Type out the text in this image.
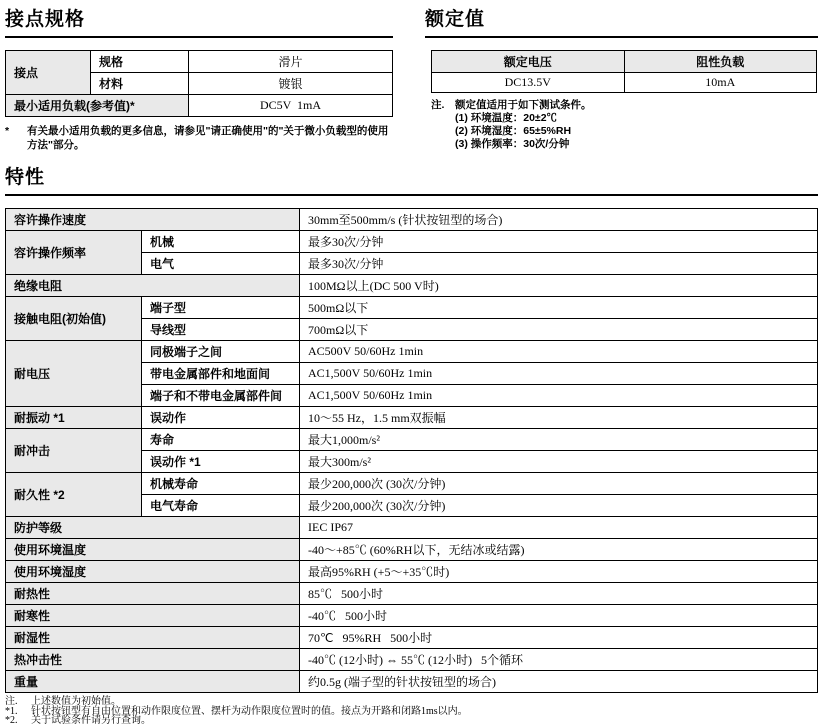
接点规格
接点	规格	滑片
	材料	镀银
最小适用负载(参考值)*		DC5V  1mA
*	有关最小适用负载的更多信息，请参见"请正确使用"的"关于微小负载型的使用方法"部分。
额定值
额定电压	阻性负载
DC13.5V	10mA
注.	额定值适用于如下测试条件。
(1) 环境温度：20±2℃
(2) 环境湿度：65±5%RH
(3) 操作频率：30次/分钟
特性
容许操作速度		30mm至500mm/s (针状按钮型的场合)
容许操作频率	机械	最多30次/分钟
	电气	最多30次/分钟
绝缘电阻		100MΩ以上(DC 500 V时)
接触电阻(初始值)	端子型	500mΩ以下
	导线型	700mΩ以下
耐电压	同极端子之间	AC500V 50/60Hz 1min
	带电金属部件和地面间	AC1,500V 50/60Hz 1min
	端子和不带电金属部件间	AC1,500V 50/60Hz 1min
耐振动 *1	误动作	10～55 Hz，1.5 mm双振幅
耐冲击	寿命	最大1,000m/s²
	误动作 *1	最大300m/s²
耐久性 *2	机械寿命	最少200,000次 (30次/分钟)
	电气寿命	最少200,000次 (30次/分钟)
防护等级		IEC IP67
使用环境温度		-40～+85℃ (60%RH以下，无结冰或结露)
使用环境湿度		最高95%RH (+5～+35℃时)
耐热性		85℃   500小时
耐寒性		-40℃   500小时
耐湿性		70℃   95%RH   500小时
热冲击性		-40℃ (12小时) ⇔ 55℃ (12小时)   5个循环
重量		约0.5g (端子型的针状按钮型的场合)
注.	上述数值为初始值。
*1.	针状按钮型有自由位置和动作限度位置、摆杆为动作限度位置时的值。接点为开路和闭路1ms以内。
*2.	关于试验条件请另行查询。
